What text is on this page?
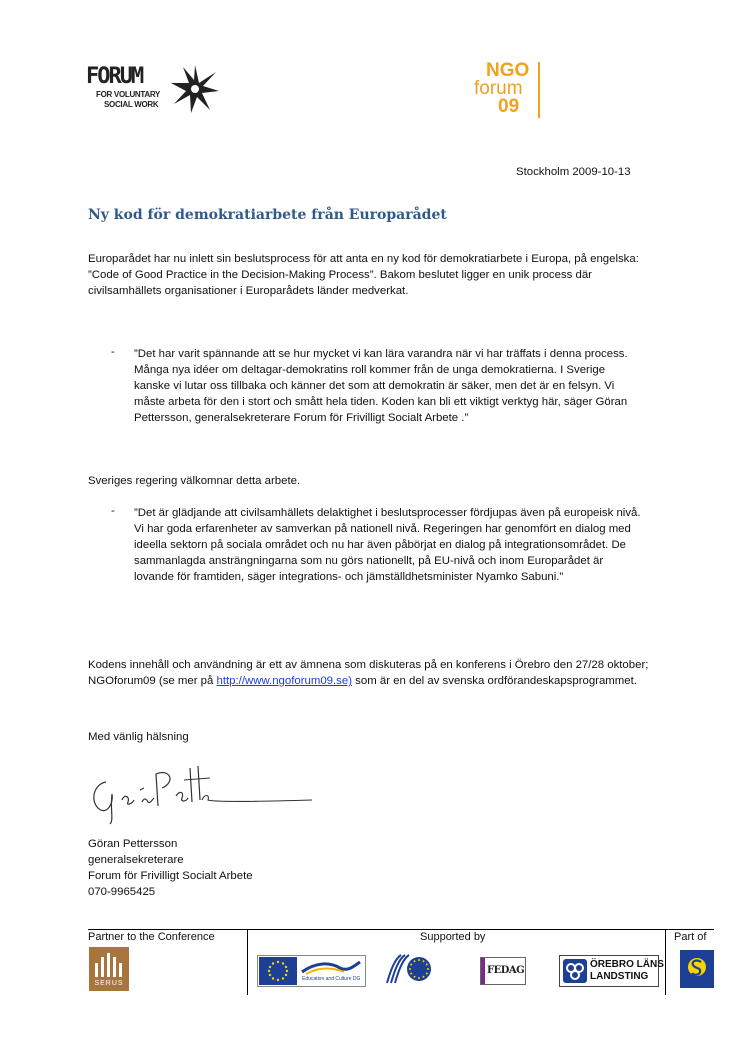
FORUM
FOR VOLUNTARY
SOCIAL WORK
NGO
forum
09
Stockholm 2009-10-13
Ny kod för demokratiarbete från Europarådet
Europarådet har nu inlett sin beslutsprocess för att anta en ny kod för demokratiarbete i Europa, på engelska: ”Code of Good Practice in the Decision-Making Process”. Bakom beslutet ligger en unik process där civilsamhällets organisationer i Europarådets länder medverkat.
- ”Det har varit spännande att se hur mycket vi kan lära varandra när vi har träffats i denna process. Många nya idéer om deltagar-demokratins roll kommer från de unga demokratierna. I Sverige kanske vi lutar oss tillbaka och känner det som att demokratin är säker, men det är en felsyn. Vi måste arbeta för den i stort och smått hela tiden. Koden kan bli ett viktigt verktyg här, säger Göran Pettersson, generalsekreterare Forum för Frivilligt Socialt Arbete .”
Sveriges regering välkomnar detta arbete.
- ”Det är glädjande att civilsamhällets delaktighet i beslutsprocesser fördjupas även på europeisk nivå. Vi har goda erfarenheter av samverkan på nationell nivå. Regeringen har genomfört en dialog med ideella sektorn på sociala området och nu har även påbörjat en dialog på integrationsområdet. De sammanlagda ansträngningarna som nu görs nationellt, på EU-nivå och inom Europarådet är lovande för framtiden, säger integrations- och jämställdhetsminister Nyamko Sabuni.”
Kodens innehåll och användning är ett av ämnena som diskuteras på en konferens i Örebro den 27/28 oktober; NGOforum09 (se mer på http://www.ngoforum09.se) som är en del av svenska ordförandeskapsprogrammet.
Med vänlig hälsning
Göran Pettersson
generalsekreterare
Forum för Frivilligt Socialt Arbete
070-9965425
Partner to the Conference	Supported by	Part of
SERUS
Education and Culture DG
FEDAG
ÖREBRO LÄNS
LANDSTING
